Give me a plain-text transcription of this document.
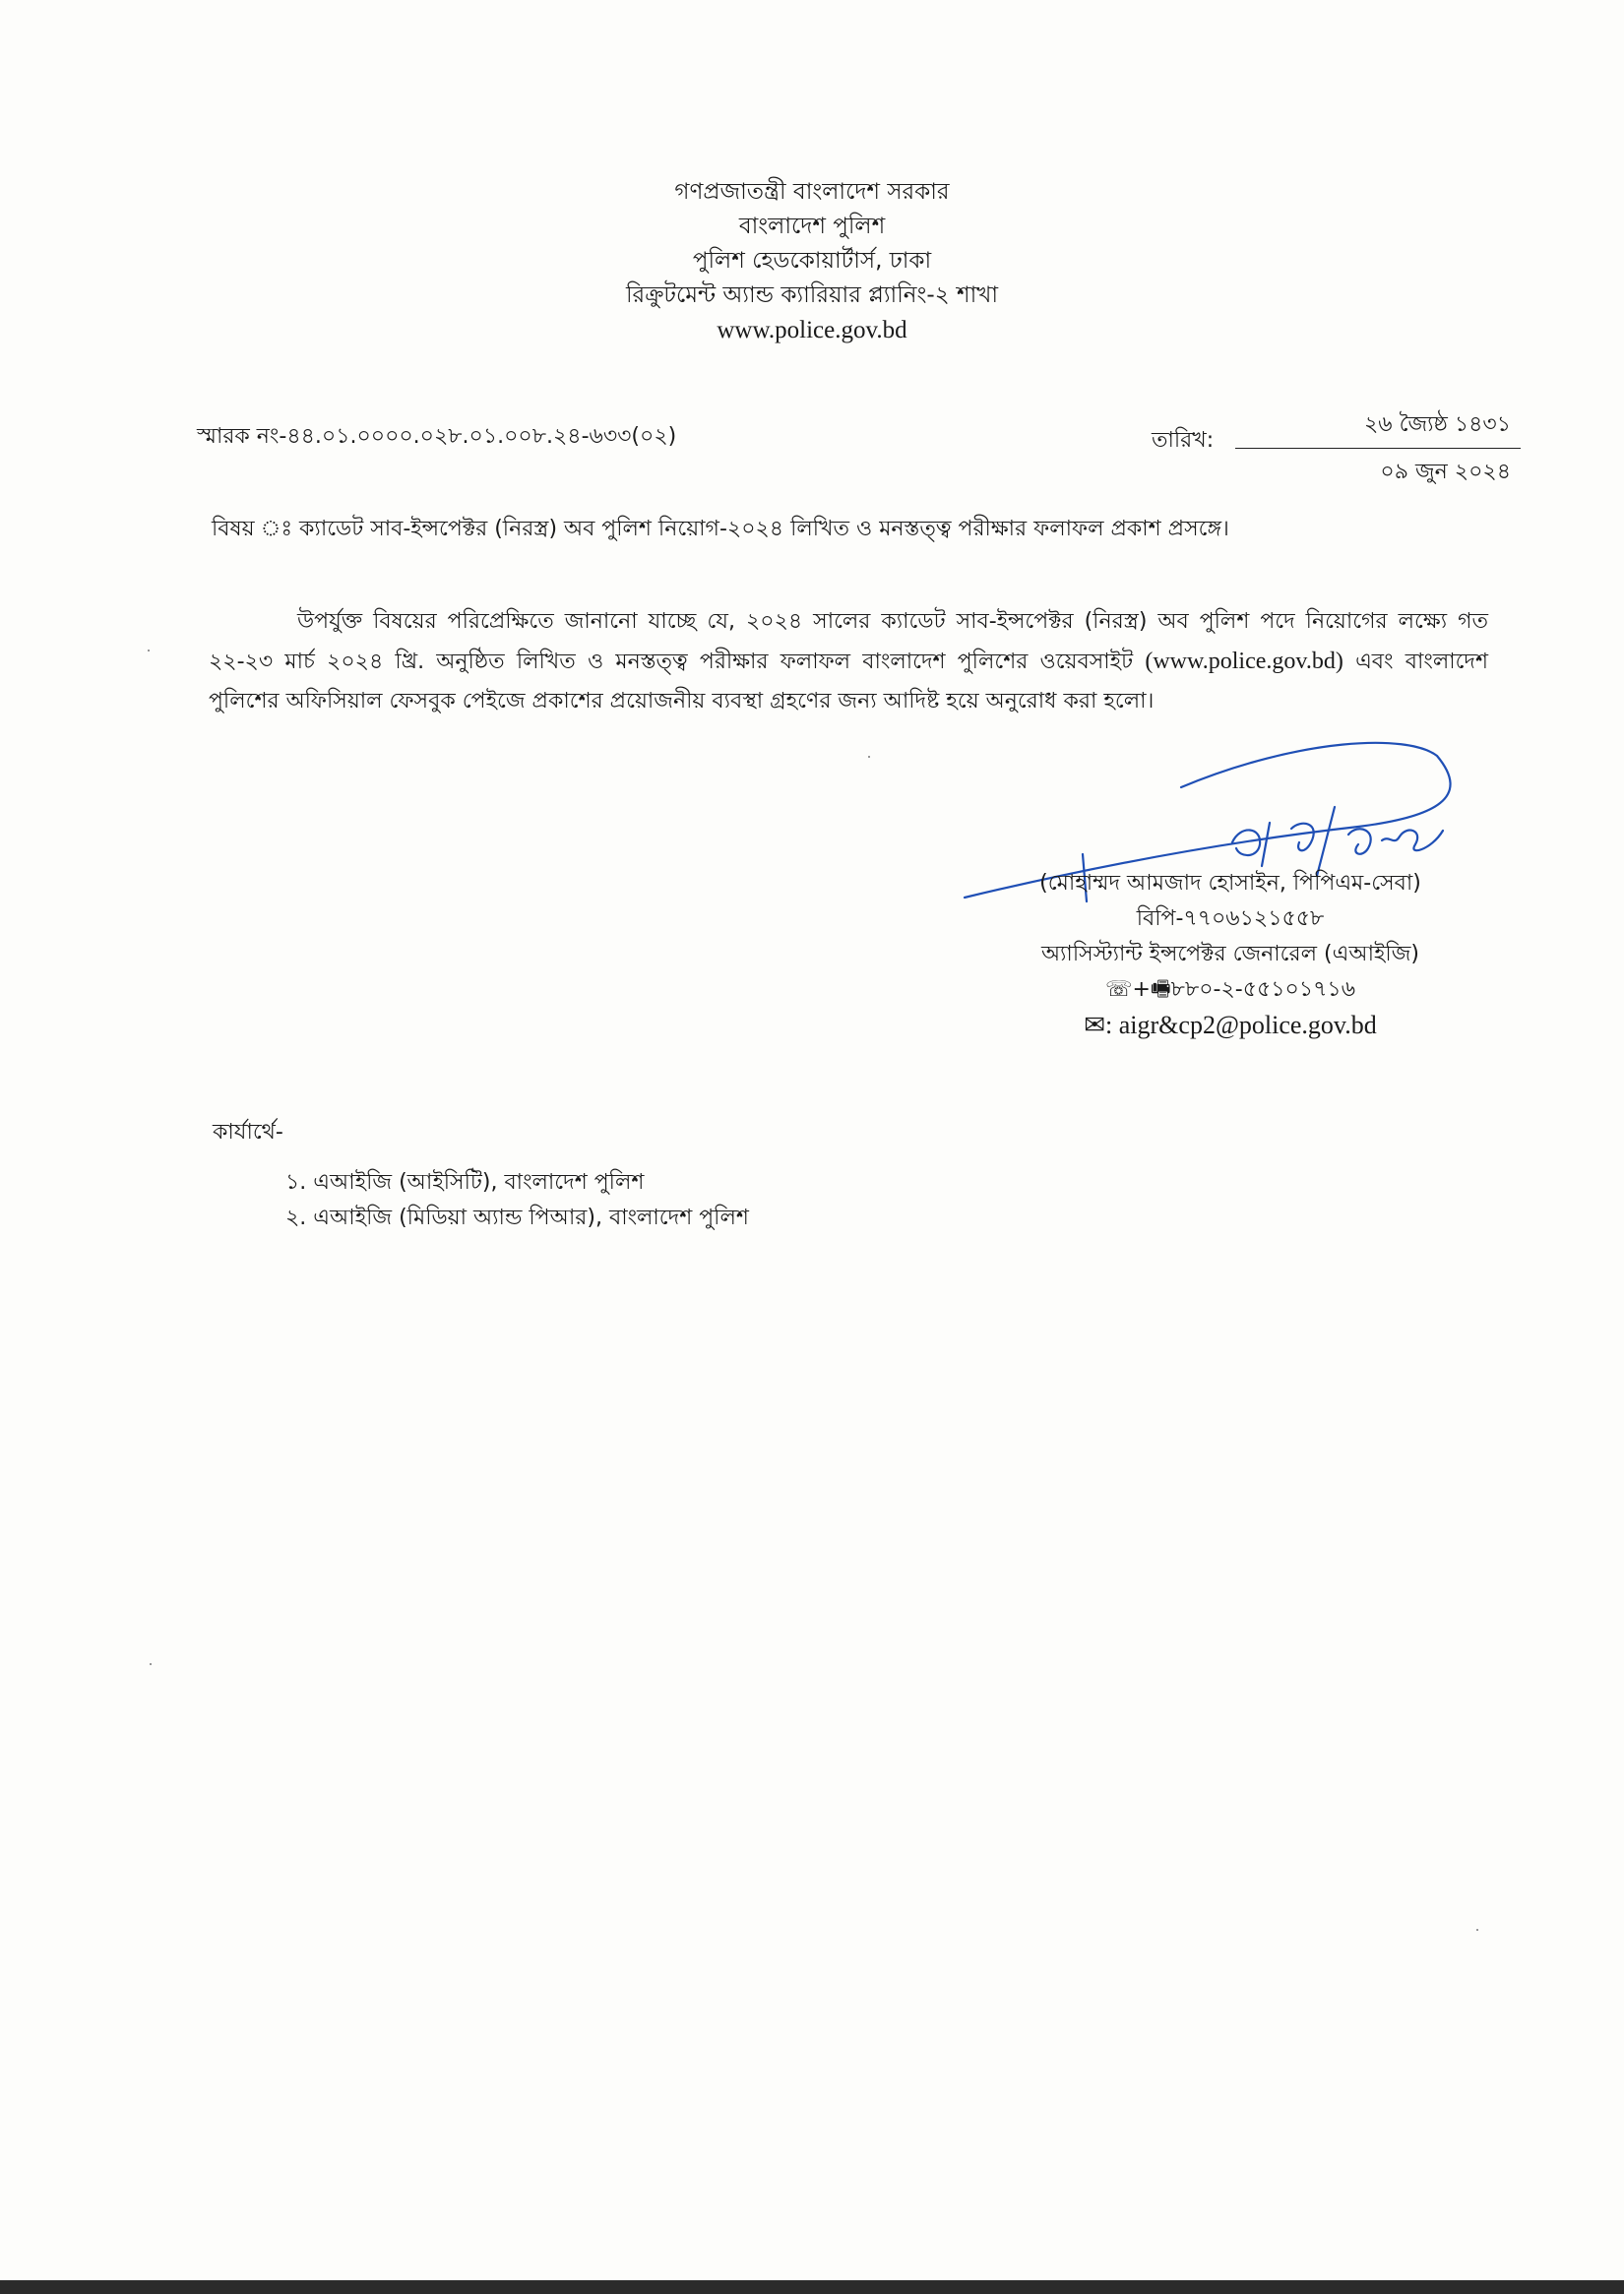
গণপ্রজাতন্ত্রী বাংলাদেশ সরকার
বাংলাদেশ পুলিশ
পুলিশ হেডকোয়ার্টার্স, ঢাকা
রিক্রুটমেন্ট অ্যান্ড ক্যারিয়ার প্ল্যানিং-২ শাখা
www.police.gov.bd
স্মারক নং-৪৪.০১.০০০০.০২৮.০১.০০৮.২৪-৬৩৩(০২)	তারিখ:
২৬ জ্যৈষ্ঠ ১৪৩১
০৯ জুন ২০২৪
বিষয় ঃ ক্যাডেট সাব-ইন্সপেক্টর (নিরস্ত্র) অব পুলিশ নিয়োগ-২০২৪ লিখিত ও মনস্তত্ত্ব পরীক্ষার ফলাফল প্রকাশ প্রসঙ্গে।
উপর্যুক্ত বিষয়ের পরিপ্রেক্ষিতে জানানো যাচ্ছে যে, ২০২৪ সালের ক্যাডেট সাব-ইন্সপেক্টর (নিরস্ত্র) অব পুলিশ পদে নিয়োগের লক্ষ্যে গত ২২-২৩ মার্চ ২০২৪ খ্রি. অনুষ্ঠিত লিখিত ও মনস্তত্ত্ব পরীক্ষার ফলাফল বাংলাদেশ পুলিশের ওয়েবসাইট (www.police.gov.bd) এবং বাংলাদেশ পুলিশের অফিসিয়াল ফেসবুক পেইজে প্রকাশের প্রয়োজনীয় ব্যবস্থা গ্রহণের জন্য আদিষ্ট হয়ে অনুরোধ করা হলো।
০৯/০৬/২০২৪
(মোহাম্মদ আমজাদ হোসাইন, পিপিএম-সেবা)
বিপি-৭৭০৬১২১৫৫৮
অ্যাসিস্ট্যান্ট ইন্সপেক্টর জেনারেল (এআইজি)
☏+🖷৮৮০-২-৫৫১০১৭১৬
✉: aigr&cp2@police.gov.bd
কার্যার্থে-
১. এআইজি (আইসিটি), বাংলাদেশ পুলিশ
২. এআইজি (মিডিয়া অ্যান্ড পিআর), বাংলাদেশ পুলিশ
